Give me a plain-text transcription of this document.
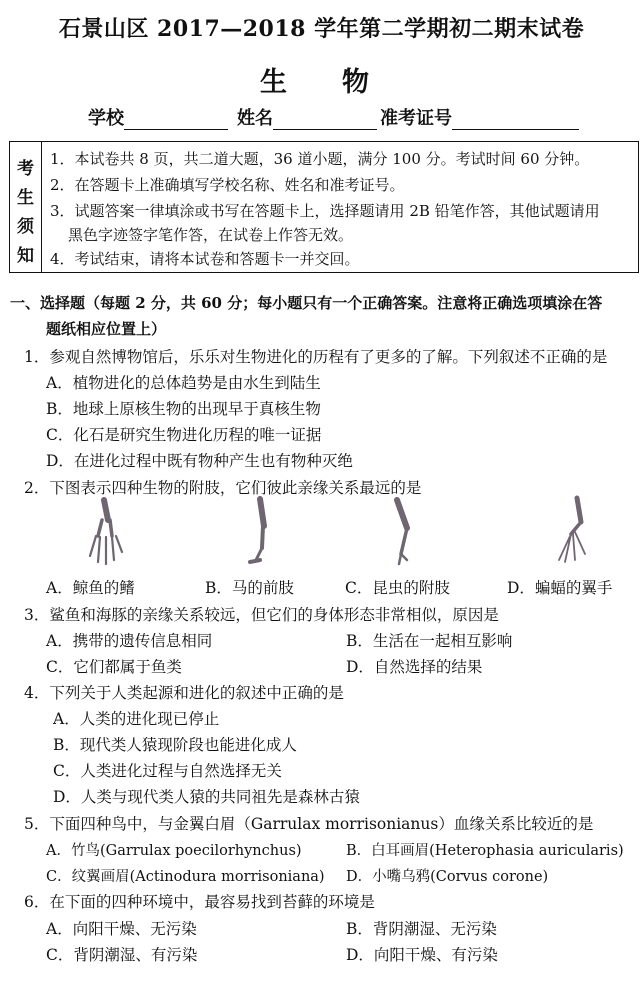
石景山区 2017—2018 学年第二学期初二期末试卷
生　物
学校	姓名	准考证号
考
生
须
知
1．本试卷共 8 页，共二道大题，36 道小题，满分 100 分。考试时间 60 分钟。
2．在答题卡上准确填写学校名称、姓名和准考证号。
3．试题答案一律填涂或书写在答题卡上，选择题请用 2B 铅笔作答，其他试题请用
黑色字迹签字笔作答，在试卷上作答无效。
4．考试结束，请将本试卷和答题卡一并交回。
一、选择题（每题 2 分，共 60 分；每小题只有一个正确答案。注意将正确选项填涂在答
题纸相应位置上）
1．参观自然博物馆后，乐乐对生物进化的历程有了更多的了解。下列叙述不正确的是
A．植物进化的总体趋势是由水生到陆生
B．地球上原核生物的出现早于真核生物
C．化石是研究生物进化历程的唯一证据
D．在进化过程中既有物种产生也有物种灭绝
2．下图表示四种生物的附肢，它们彼此亲缘关系最远的是
A．鲸鱼的鳍	B．马的前肢	C．昆虫的附肢	D．蝙蝠的翼手
3．鲨鱼和海豚的亲缘关系较远，但它们的身体形态非常相似，原因是
A．携带的遗传信息相同	B．生活在一起相互影响
C．它们都属于鱼类	D．自然选择的结果
4．下列关于人类起源和进化的叙述中正确的是
A．人类的进化现已停止
B．现代类人猿现阶段也能进化成人
C．人类进化过程与自然选择无关
D．人类与现代类人猿的共同祖先是森林古猿
5．下面四种鸟中，与金翼白眉（Garrulax morrisonianus）血缘关系比较近的是
A．竹鸟(Garrulax poecilorhynchus)	B．白耳画眉(Heterophasia auricularis)
C．纹翼画眉(Actinodura morrisoniana) D．小嘴乌鸦(Corvus corone)
6．在下面的四种环境中，最容易找到苔藓的环境是
A．向阳干燥、无污染	B．背阴潮湿、无污染
C．背阴潮湿、有污染	D．向阳干燥、有污染
